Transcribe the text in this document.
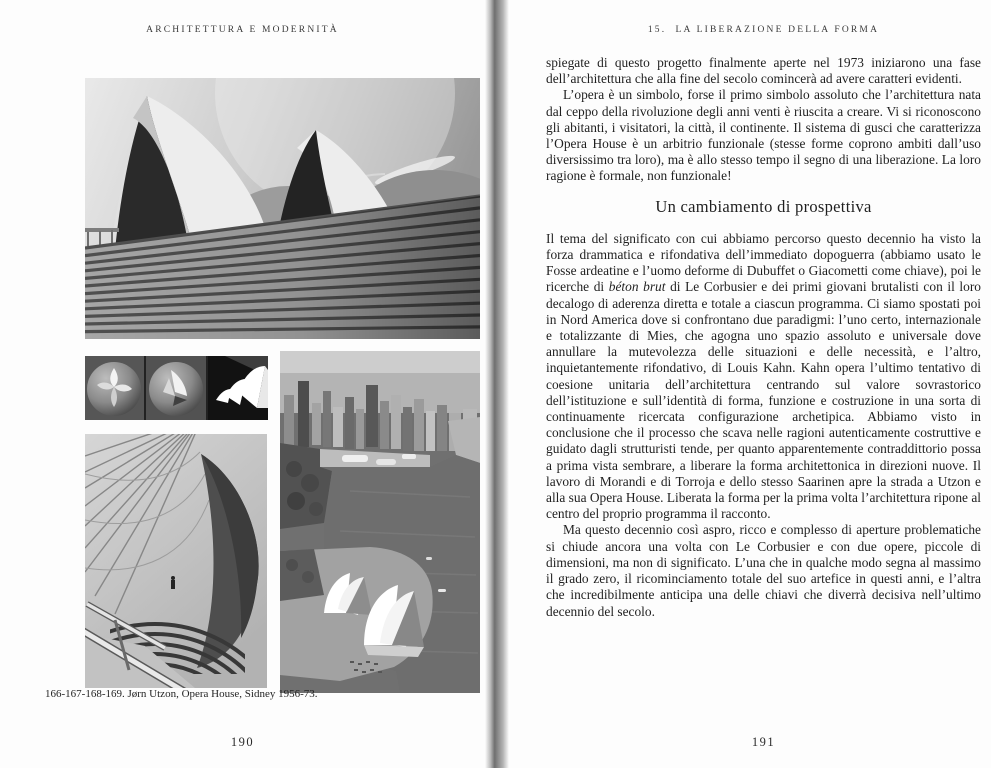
ARCHITETTURA E MODERNITÀ
166-167-168-169. Jørn Utzon, Opera House, Sidney 1956-73.
190
15. LA LIBERAZIONE DELLA FORMA

spiegate di questo progetto finalmente aperte nel 1973 iniziarono una fase dell’architettura che alla fine del secolo comincerà ad avere caratteri evidenti.

L’opera è un simbolo, forse il primo simbolo assoluto che l’architettura nata dal ceppo della rivoluzione degli anni venti è riuscita a creare. Vi si riconoscono gli abitanti, i visitatori, la città, il continente. Il sistema di gusci che caratterizza l’Opera House è un arbitrio funzionale (stesse forme coprono ambiti dall’uso diversissimo tra loro), ma è allo stesso tempo il segno di una liberazione. La loro ragione è formale, non funzionale!

Un cambiamento di prospettiva

Il tema del significato con cui abbiamo percorso questo decennio ha visto la forza drammatica e rifondativa dell’immediato dopoguerra (abbiamo usato le Fosse ardeatine e l’uomo deforme di Dubuffet o Giacometti come chiave), poi le ricerche di béton brut di Le Corbusier e dei primi giovani brutalisti con il loro decalogo di aderenza diretta e totale a ciascun programma. Ci siamo spostati poi in Nord America dove si confrontano due paradigmi: l’uno certo, internazionale e totalizzante di Mies, che agogna uno spazio assoluto e universale dove annullare la mutevolezza delle situazioni e delle necessità, e l’altro, inquietantemente rifondativo, di Louis Kahn. Kahn opera l’ultimo tentativo di coesione unitaria dell’architettura centrando sul valore sovrastorico dell’istituzione e sull’identità di forma, funzione e costruzione in una sorta di continuamente ricercata configurazione archetipica. Abbiamo visto in conclusione che il processo che scava nelle ragioni autenticamente costruttive e guidato dagli strutturisti tende, per quanto apparentemente contraddittorio possa a prima vista sembrare, a liberare la forma architettonica in direzioni nuove. Il lavoro di Morandi e di Torroja e dello stesso Saarinen apre la strada a Utzon e alla sua Opera House. Liberata la forma per la prima volta l’architettura ripone al centro del proprio programma il racconto.

Ma questo decennio così aspro, ricco e complesso di aperture problematiche si chiude ancora una volta con Le Corbusier e con due opere, piccole di dimensioni, ma non di significato. L’una che in qualche modo segna al massimo il grado zero, il ricominciamento totale del suo artefice in questi anni, e l’altra che incredibilmente anticipa una delle chiavi che diverrà decisiva nell’ultimo decennio del secolo.

191
